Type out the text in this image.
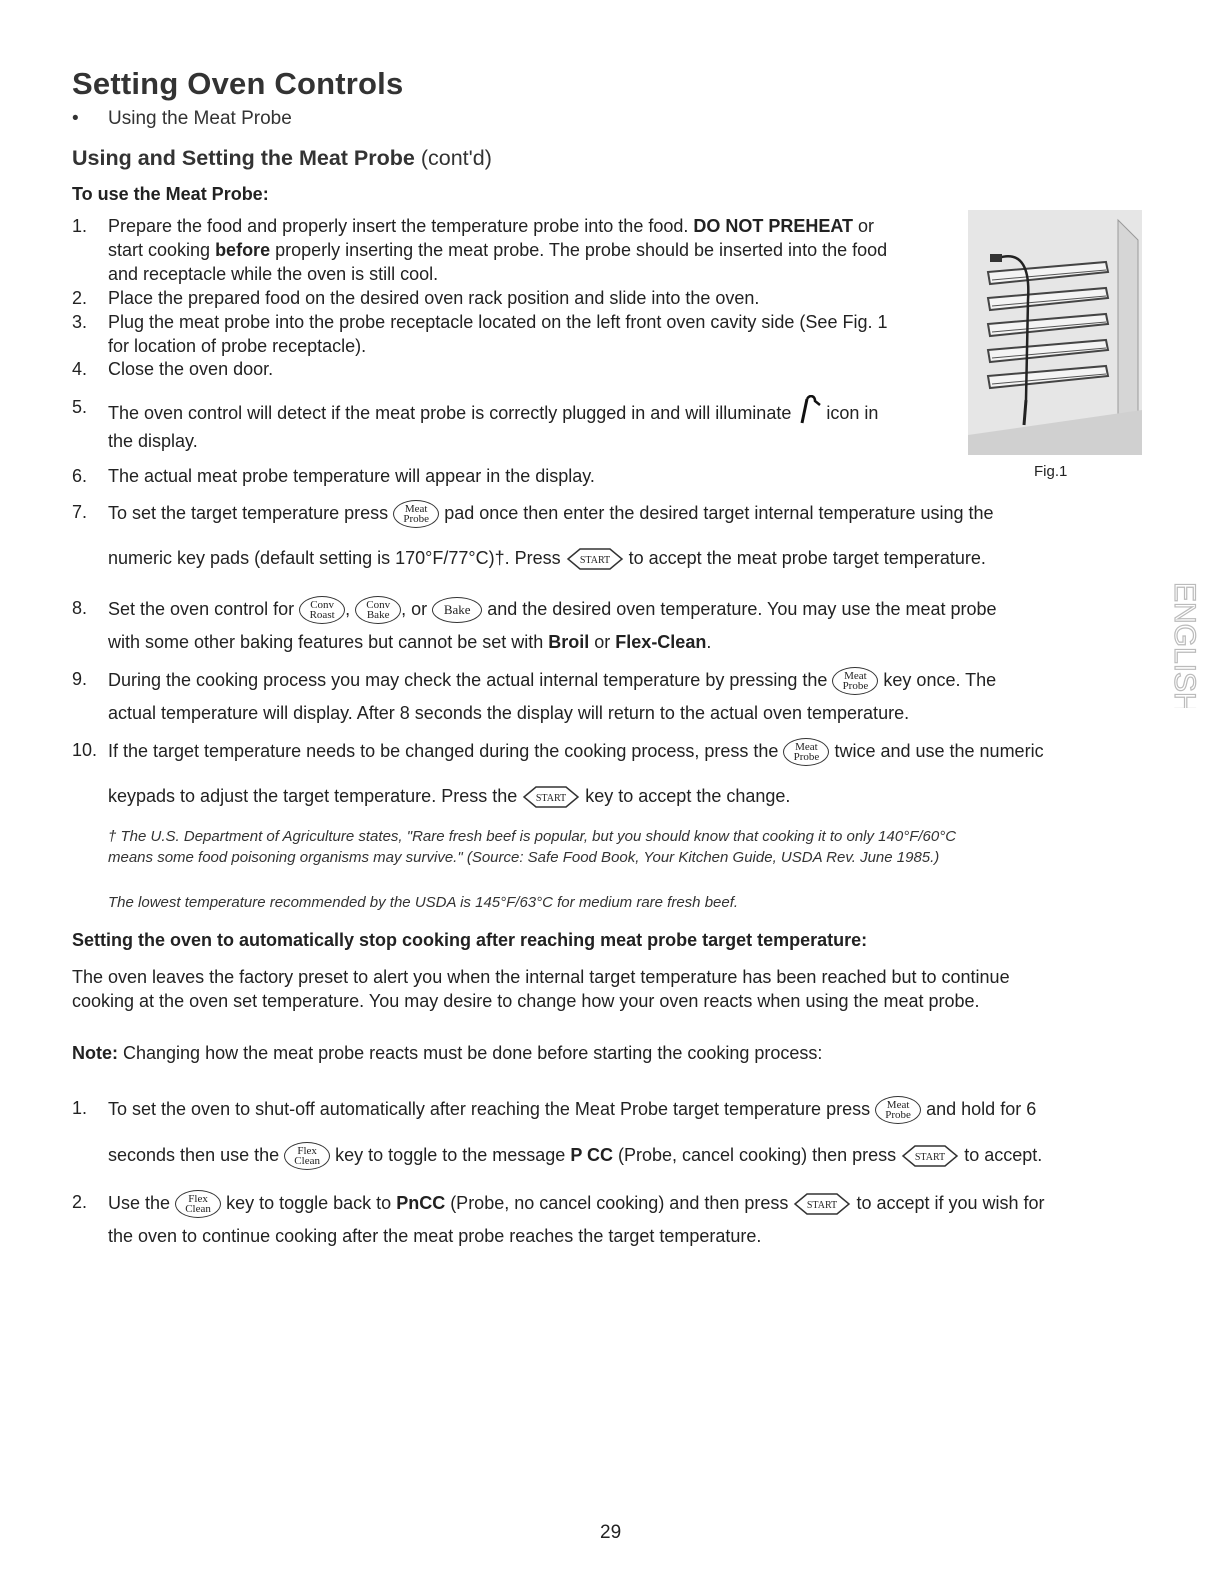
Setting Oven Controls
• Using the Meat Probe
Using and Setting the Meat Probe (cont'd)
To use the Meat Probe:
1.	Prepare the food and properly insert the temperature probe into the food. DO NOT PREHEAT or
start cooking before properly inserting the meat probe. The probe should be inserted into the food
and receptacle while the oven is still cool.
2.	Place the prepared food on the desired oven rack position and slide into the oven.
3.	Plug the meat probe into the probe receptacle located on the left front oven cavity side (See Fig. 1
for location of probe receptacle).
4.	Close the oven door.
5.	The oven control will detect if the meat probe is correctly plugged in and will illuminate icon in
the display.
6.	The actual meat probe temperature will appear in the display.	Fig.1
7.	To set the target temperature press Meat
Probe pad once then enter the desired target internal temperature using the
numeric key pads (default setting is 170°F/77°C)†. Press START to accept the meat probe target temperature.
8.	Set the oven control for Conv
Roast , Conv
Bake , or Bake and the desired oven temperature. You may use the meat probe
with some other baking features but cannot be set with Broil or Flex-Clean.
9.	During the cooking process you may check the actual internal temperature by pressing the Meat
Probe key once. The
actual temperature will display. After 8 seconds the display will return to the actual oven temperature.
10. If the target temperature needs to be changed during the cooking process, press the Meat
Probe twice and use the numeric
keypads to adjust the target temperature. Press the START key to accept the change.
† The U.S. Department of Agriculture states, "Rare fresh beef is popular, but you should know that cooking it to only 140°F/60°C
means some food poisoning organisms may survive." (Source: Safe Food Book, Your Kitchen Guide, USDA Rev. June 1985.)
The lowest temperature recommended by the USDA is 145°F/63°C for medium rare fresh beef.
Setting the oven to automatically stop cooking after reaching meat probe target temperature:
The oven leaves the factory preset to alert you when the internal target temperature has been reached but to continue
cooking at the oven set temperature. You may desire to change how your oven reacts when using the meat probe.
Note: Changing how the meat probe reacts must be done before starting the cooking process:
1.	To set the oven to shut-off automatically after reaching the Meat Probe target temperature press Meat
Probe and hold for 6
seconds then use the Flex
Clean key to toggle to the message P CC (Probe, cancel cooking) then press START to accept.
2.	Use the Flex
Clean key to toggle back to PnCC (Probe, no cancel cooking) and then press START to accept if you wish for
the oven to continue cooking after the meat probe reaches the target temperature.
ENGLISH
29
